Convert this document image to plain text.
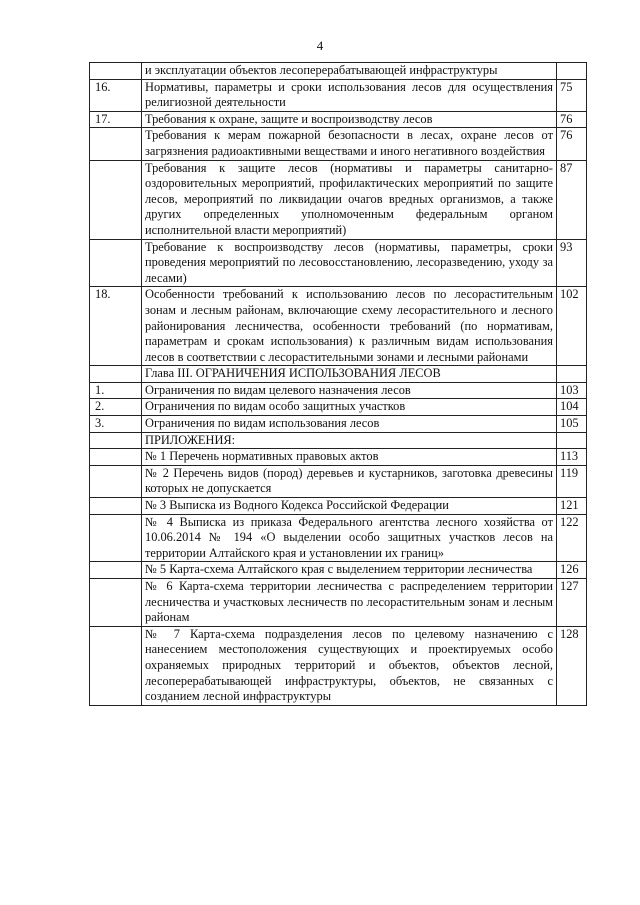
4
	и эксплуатации объектов лесоперерабатывающей инфраструктуры	
16.	Нормативы, параметры и сроки использования лесов для осуществления религиозной деятельности	75
17.	Требования к охране, защите и воспроизводству лесов	76
	Требования к мерам пожарной безопасности в лесах, охране лесов от загрязнения радиоактивными веществами и иного негативного воздействия	76
	Требования к защите лесов (нормативы и параметры санитарно-оздоровительных мероприятий, профилактических мероприятий по защите лесов, мероприятий по ликвидации очагов вредных организмов, а также других определенных уполномоченным федеральным органом исполнительной власти мероприятий)	87
	Требование к воспроизводству лесов (нормативы, параметры, сроки проведения мероприятий по лесовосстановлению, лесоразведению, уходу за лесами)	93
18.	Особенности требований к использованию лесов по лесорастительным зонам и лесным районам, включающие схему лесорастительного и лесного районирования лесничества, особенности требований (по нормативам, параметрам и срокам использования) к различным видам использования лесов в соответствии с лесорастительными зонами и лесными районами	102
	Глава III. ОГРАНИЧЕНИЯ ИСПОЛЬЗОВАНИЯ ЛЕСОВ	
1.	Ограничения по видам целевого назначения лесов	103
2.	Ограничения по видам особо защитных участков	104
3.	Ограничения по видам использования лесов	105
	ПРИЛОЖЕНИЯ:	
	№ 1 Перечень нормативных правовых актов	113
	№ 2 Перечень видов (пород) деревьев и кустарников, заготовка древесины которых не допускается	119
	№ 3 Выписка из Водного Кодекса Российской Федерации	121
	№ 4 Выписка из приказа Федерального агентства лесного хозяйства от 10.06.2014 № 194 «О выделении особо защитных участков лесов на территории Алтайского края и установлении их границ»	122
	№ 5 Карта-схема Алтайского края с выделением территории лесничества	126
	№ 6 Карта-схема территории лесничества с распределением территории лесничества и участковых лесничеств по лесорастительным зонам и лесным районам	127
	№ 7 Карта-схема подразделения лесов по целевому назначению с нанесением местоположения существующих и проектируемых особо охраняемых природных территорий и объектов, объектов лесной, лесоперерабатывающей инфраструктуры, объектов, не связанных с созданием лесной инфраструктуры	128
